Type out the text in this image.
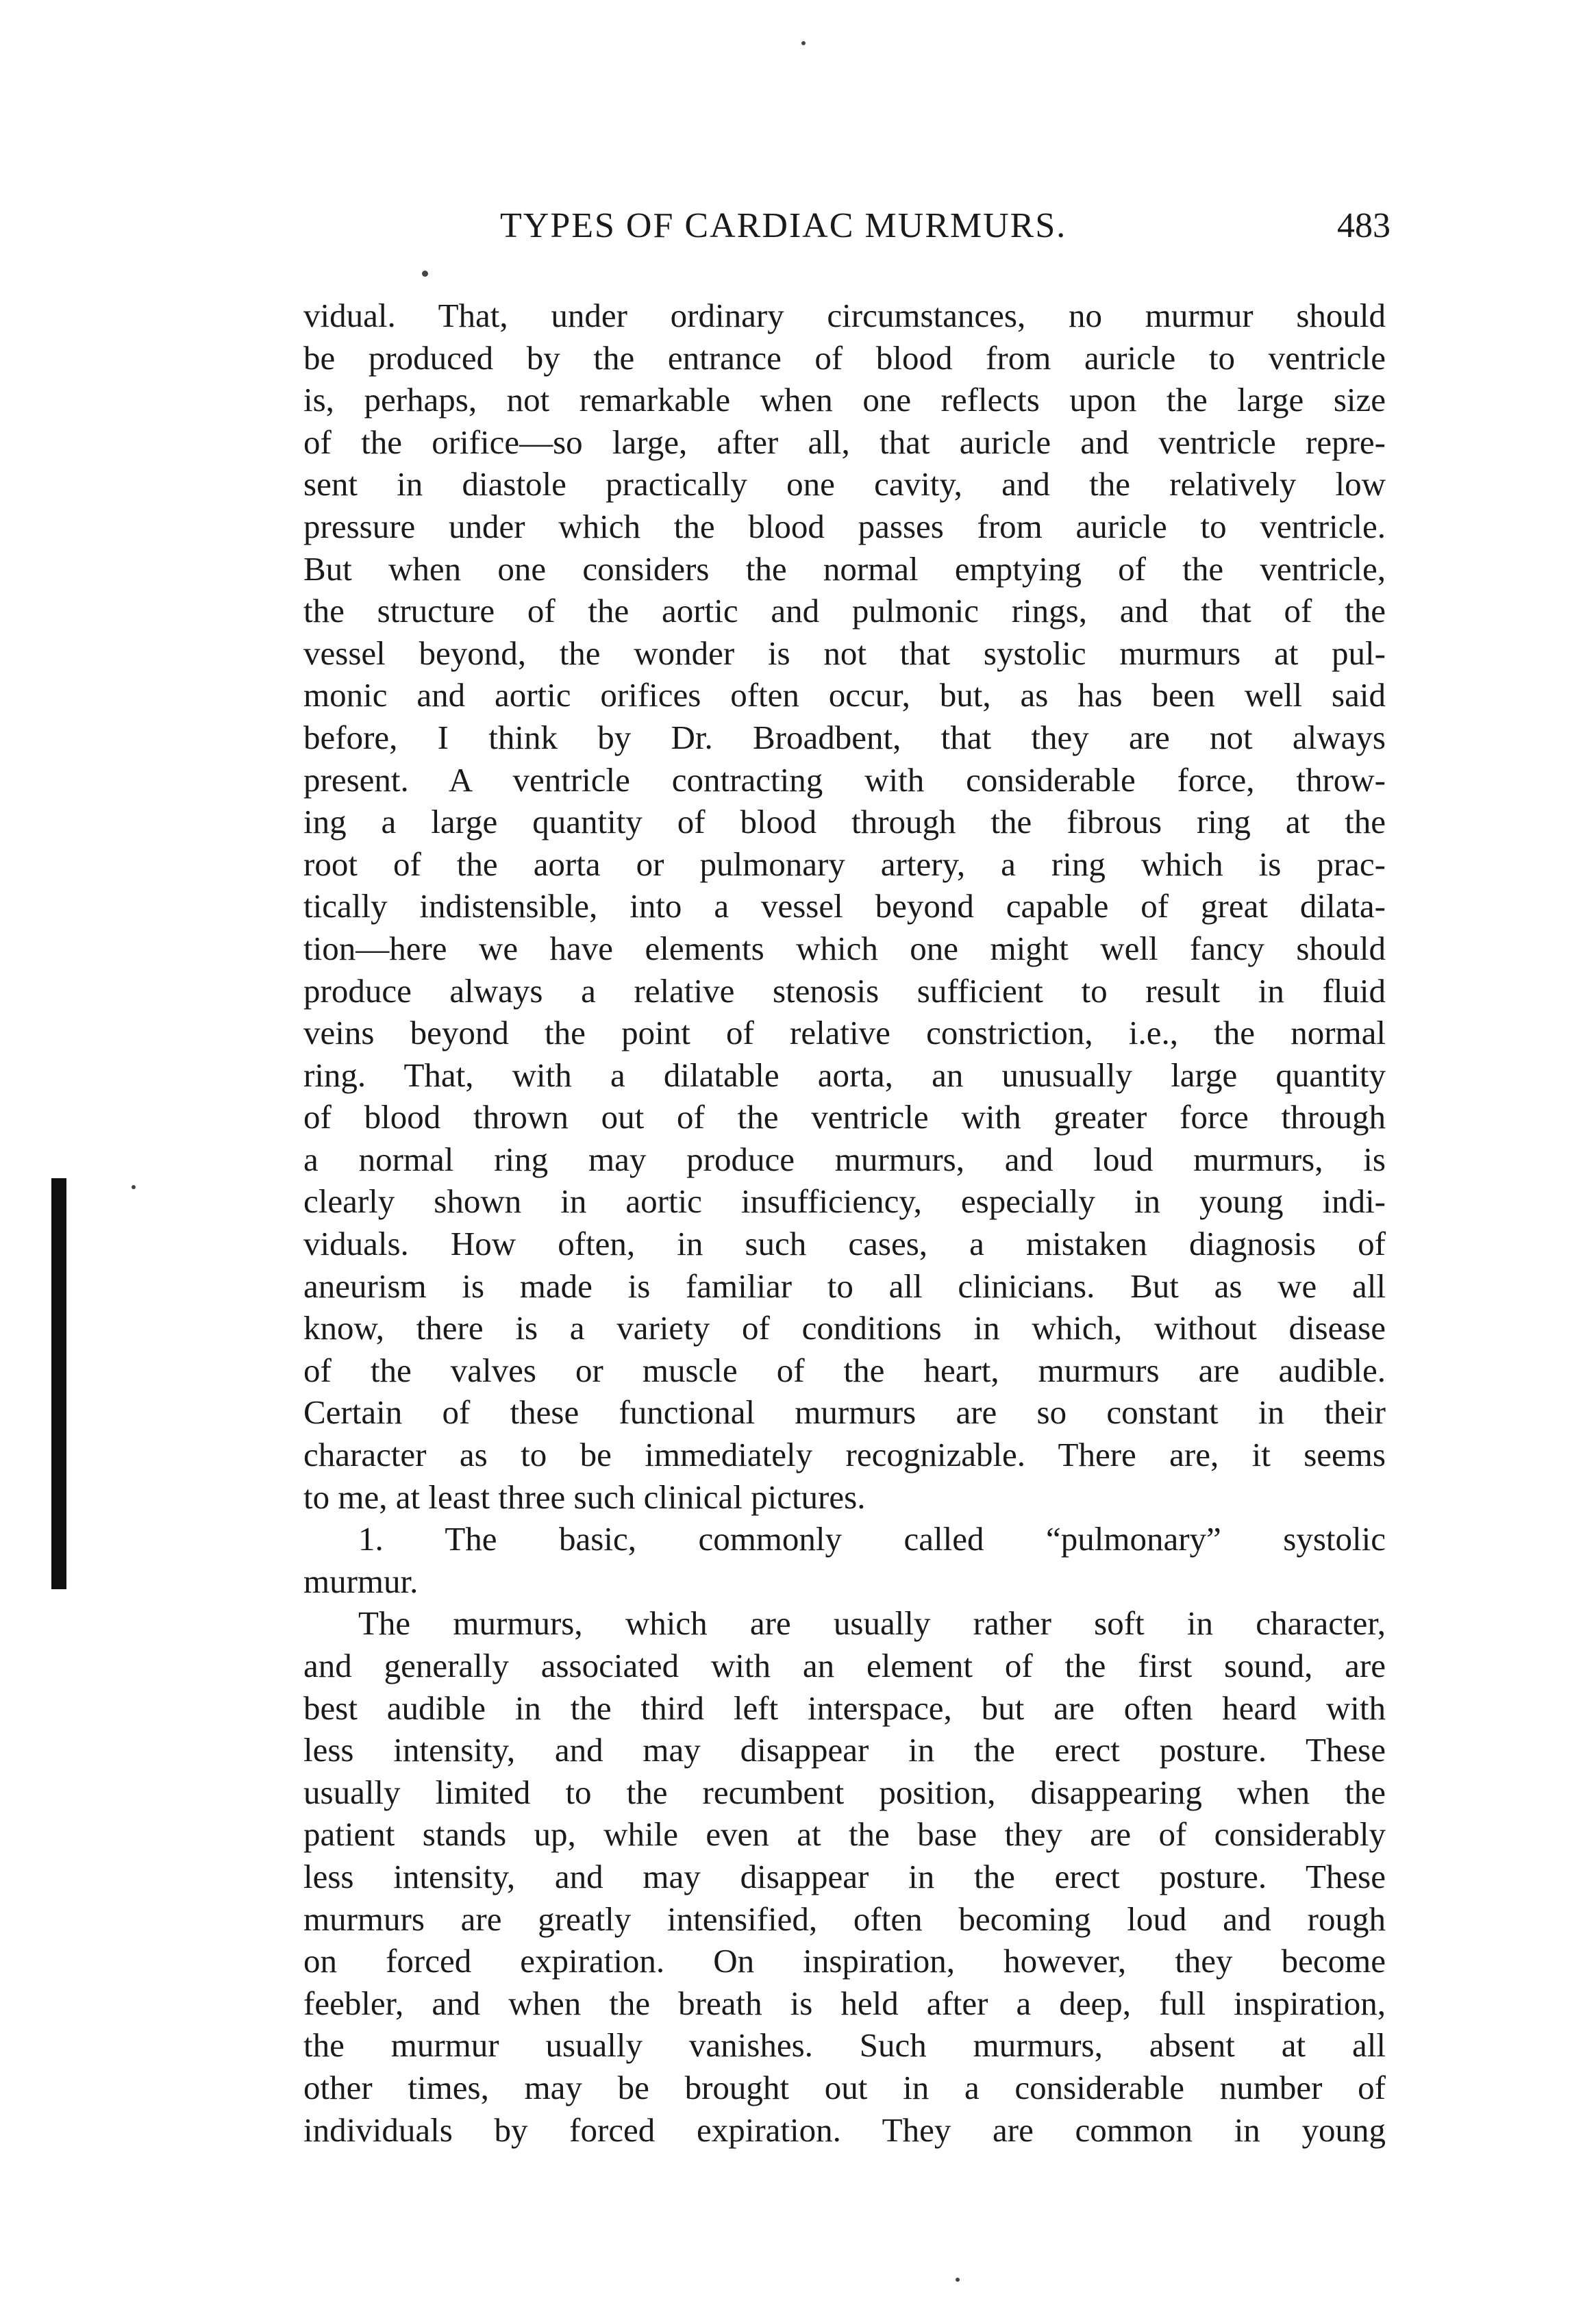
TYPES OF CARDIAC MURMURS.	483
vidual. That, under ordinary circumstances, no murmur should
be produced by the entrance of blood from auricle to ventricle
is, perhaps, not remarkable when one reflects upon the large size
of the orifice—so large, after all, that auricle and ventricle repre-
sent in diastole practically one cavity, and the relatively low
pressure under which the blood passes from auricle to ventricle.
But when one considers the normal emptying of the ventricle,
the structure of the aortic and pulmonic rings, and that of the
vessel beyond, the wonder is not that systolic murmurs at pul-
monic and aortic orifices often occur, but, as has been well said
before, I think by Dr. Broadbent, that they are not always
present. A ventricle contracting with considerable force, throw-
ing a large quantity of blood through the fibrous ring at the
root of the aorta or pulmonary artery, a ring which is prac-
tically indistensible, into a vessel beyond capable of great dilata-
tion—here we have elements which one might well fancy should
produce always a relative stenosis sufficient to result in fluid
veins beyond the point of relative constriction, i.e., the normal
ring. That, with a dilatable aorta, an unusually large quantity
of blood thrown out of the ventricle with greater force through
a normal ring may produce murmurs, and loud murmurs, is
clearly shown in aortic insufficiency, especially in young indi-
viduals. How often, in such cases, a mistaken diagnosis of
aneurism is made is familiar to all clinicians. But as we all
know, there is a variety of conditions in which, without disease
of the valves or muscle of the heart, murmurs are audible.
Certain of these functional murmurs are so constant in their
character as to be immediately recognizable. There are, it seems
to me, at least three such clinical pictures.
1. The basic, commonly called “pulmonary” systolic
murmur.
The murmurs, which are usually rather soft in character,
and generally associated with an element of the first sound, are
best audible in the third left interspace, but are often heard with
less intensity, and may disappear in the erect posture. These
usually limited to the recumbent position, disappearing when the
patient stands up, while even at the base they are of considerably
less intensity, and may disappear in the erect posture. These
murmurs are greatly intensified, often becoming loud and rough
on forced expiration. On inspiration, however, they become
feebler, and when the breath is held after a deep, full inspiration,
the murmur usually vanishes. Such murmurs, absent at all
other times, may be brought out in a considerable number of
individuals by forced expiration. They are common in young
